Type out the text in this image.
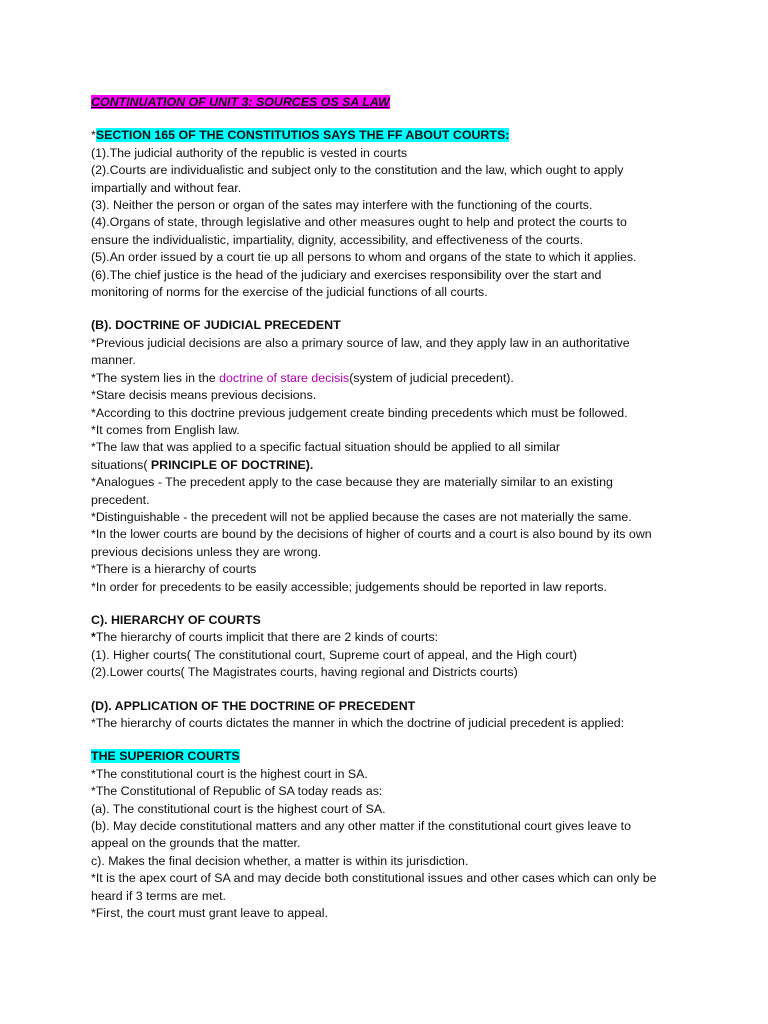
CONTINUATION OF UNIT 3: SOURCES OS SA LAW
*SECTION 165 OF THE CONSTITUTIOS SAYS THE FF ABOUT COURTS:
(1).The judicial authority of the republic is vested in courts
(2).Courts are individualistic and subject only to the constitution and the law, which ought to apply
impartially and without fear.
(3). Neither the person or organ of the sates may interfere with the functioning of the courts.
(4).Organs of state, through legislative and other measures ought to help and protect the courts to
ensure the individualistic, impartiality, dignity, accessibility, and effectiveness of the courts.
(5).An order issued by a court tie up all persons to whom and organs of the state to which it applies.
(6).The chief justice is the head of the judiciary and exercises responsibility over the start and
monitoring of norms for the exercise of the judicial functions of all courts.
(B). DOCTRINE OF JUDICIAL PRECEDENT
*Previous judicial decisions are also a primary source of law, and they apply law in an authoritative
manner.
*The system lies in the doctrine of stare decisis(system of judicial precedent).
*Stare decisis means previous decisions.
*According to this doctrine previous judgement create binding precedents which must be followed.
*It comes from English law.
*The law that was applied to a specific factual situation should be applied to all similar
situations( PRINCIPLE OF DOCTRINE).
*Analogues - The precedent apply to the case because they are materially similar to an existing
precedent.
*Distinguishable - the precedent will not be applied because the cases are not materially the same.
*In the lower courts are bound by the decisions of higher of courts and a court is also bound by its own
previous decisions unless they are wrong.
*There is a hierarchy of courts
*In order for precedents to be easily accessible; judgements should be reported in law reports.
C). HIERARCHY OF COURTS
*The hierarchy of courts implicit that there are 2 kinds of courts:
(1). Higher courts( The constitutional court, Supreme court of appeal, and the High court)
(2).Lower courts( The Magistrates courts, having regional and Districts courts)
(D). APPLICATION OF THE DOCTRINE OF PRECEDENT
*The hierarchy of courts dictates the manner in which the doctrine of judicial precedent is applied:
THE SUPERIOR COURTS
*The constitutional court is the highest court in SA.
*The Constitutional of Republic of SA today reads as:
(a). The constitutional court is the highest court of SA.
(b). May decide constitutional matters and any other matter if the constitutional court gives leave to
appeal on the grounds that the matter.
c). Makes the final decision whether, a matter is within its jurisdiction.
*It is the apex court of SA and may decide both constitutional issues and other cases which can only be
heard if 3 terms are met.
*First, the court must grant leave to appeal.
